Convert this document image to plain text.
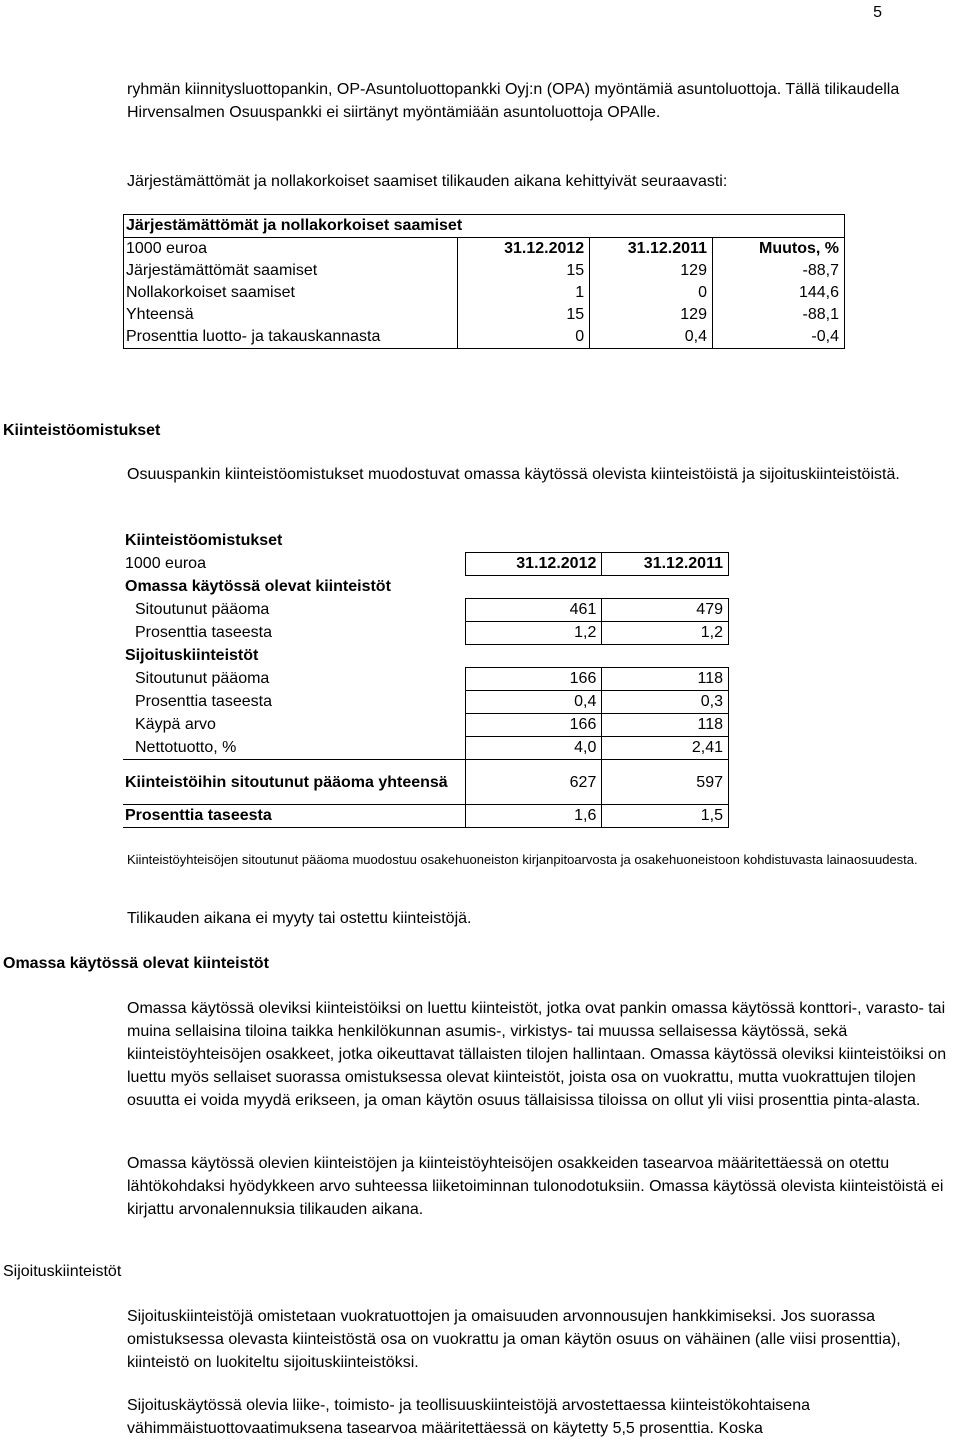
5

ryhmän kiinnitysluottopankin, OP-Asuntoluottopankki Oyj:n (OPA) myöntämiä asuntoluottoja. Tällä tilikaudella Hirvensalmen Osuuspankki ei siirtänyt myöntämiään asuntoluottoja OPAlle.

Järjestämättömät ja nollakorkoiset saamiset tilikauden aikana kehittyivät seuraavasti:

Järjestämättömät ja nollakorkoiset saamiset			
1000 euroa	31.12.2012	31.12.2011	Muutos, %
Järjestämättömät saamiset	15	129	-88,7
Nollakorkoiset saamiset	1	0	144,6
Yhteensä	15	129	-88,1
Prosenttia luotto- ja takauskannasta	0	0,4	-0,4
Kiinteistöomistukset

Osuuspankin kiinteistöomistukset muodostuvat omassa käytössä olevista kiinteistöistä ja sijoituskiinteistöistä.

Kiinteistöomistukset		
1000 euroa	31.12.2012	31.12.2011
Omassa käytössä olevat kiinteistöt		
Sitoutunut pääoma	461	479
Prosenttia taseesta	1,2	1,2
Sijoituskiinteistöt		
Sitoutunut pääoma	166	118
Prosenttia taseesta	0,4	0,3
Käypä arvo	166	118
Nettotuotto, %	4,0	2,41
Kiinteistöihin sitoutunut pääoma yhteensä	627	597
Prosenttia taseesta	1,6	1,5

Kiinteistöyhteisöjen sitoutunut pääoma muodostuu osakehuoneiston kirjanpitoarvosta ja osakehuoneistoon kohdistuvasta lainaosuudesta.

Tilikauden aikana ei myyty tai ostettu kiinteistöjä.

Omassa käytössä olevat kiinteistöt

Omassa käytössä oleviksi kiinteistöiksi on luettu kiinteistöt, jotka ovat pankin omassa käytössä konttori-, varasto- tai muina sellaisina tiloina taikka henkilökunnan asumis-, virkistys- tai muussa sellaisessa käytössä, sekä kiinteistöyhteisöjen osakkeet, jotka oikeuttavat tällaisten tilojen hallintaan. Omassa käytössä oleviksi kiinteistöiksi on luettu myös sellaiset suorassa omistuksessa olevat kiinteistöt, joista osa on vuokrattu, mutta vuokrattujen tilojen osuutta ei voida myydä erikseen, ja oman käytön osuus tällaisissa tiloissa on ollut yli viisi prosenttia pinta-alasta.

Omassa käytössä olevien kiinteistöjen ja kiinteistöyhteisöjen osakkeiden tasearvoa määritettäessä on otettu lähtökohdaksi hyödykkeen arvo suhteessa liiketoiminnan tulonodotuksiin. Omassa käytössä olevista kiinteistöistä ei kirjattu arvonalennuksia tilikauden aikana.

Sijoituskiinteistöt

Sijoituskiinteistöjä omistetaan vuokratuottojen ja omaisuuden arvonnousujen hankkimiseksi. Jos suorassa omistuksessa olevasta kiinteistöstä osa on vuokrattu ja oman käytön osuus on vähäinen (alle viisi prosenttia), kiinteistö on luokiteltu sijoituskiinteistöksi.

Sijoituskäytössä olevia liike-, toimisto- ja teollisuuskiinteistöjä arvostettaessa kiinteistökohtaisena vähimmäistuottovaatimuksena tasearvoa määritettäessä on käytetty 5,5 prosenttia. Koska
